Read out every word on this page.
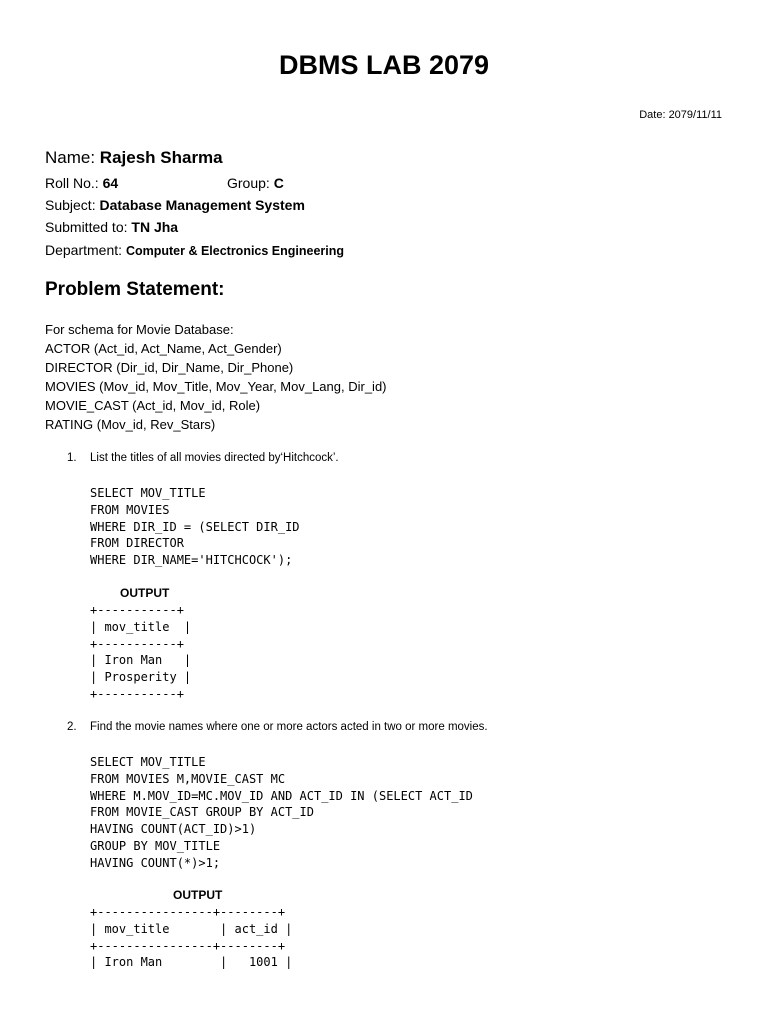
DBMS LAB 2079
Date: 2079/11/11
Name: Rajesh Sharma
Roll No.: 64	Group: C
Subject: Database Management System
Submitted to: TN Jha
Department: Computer & Electronics Engineering
Problem Statement:
For schema for Movie Database:
ACTOR (Act_id, Act_Name, Act_Gender)
DIRECTOR (Dir_id, Dir_Name, Dir_Phone)
MOVIES (Mov_id, Mov_Title, Mov_Year, Mov_Lang, Dir_id)
MOVIE_CAST (Act_id, Mov_id, Role)
RATING (Mov_id, Rev_Stars)
1. List the titles of all movies directed by‘Hitchcock’.
SELECT MOV_TITLE
FROM MOVIES
WHERE DIR_ID = (SELECT DIR_ID
FROM DIRECTOR
WHERE DIR_NAME='HITCHCOCK');
OUTPUT
+-----------+
| mov_title  |
+-----------+
| Iron Man   |
| Prosperity |
+-----------+
2. Find the movie names where one or more actors acted in two or more movies.
SELECT MOV_TITLE
FROM MOVIES M,MOVIE_CAST MC
WHERE M.MOV_ID=MC.MOV_ID AND ACT_ID IN (SELECT ACT_ID
FROM MOVIE_CAST GROUP BY ACT_ID
HAVING COUNT(ACT_ID)>1)
GROUP BY MOV_TITLE
HAVING COUNT(*)>1;
OUTPUT
+----------------+--------+
| mov_title       | act_id |
+----------------+--------+
| Iron Man        |   1001 |
